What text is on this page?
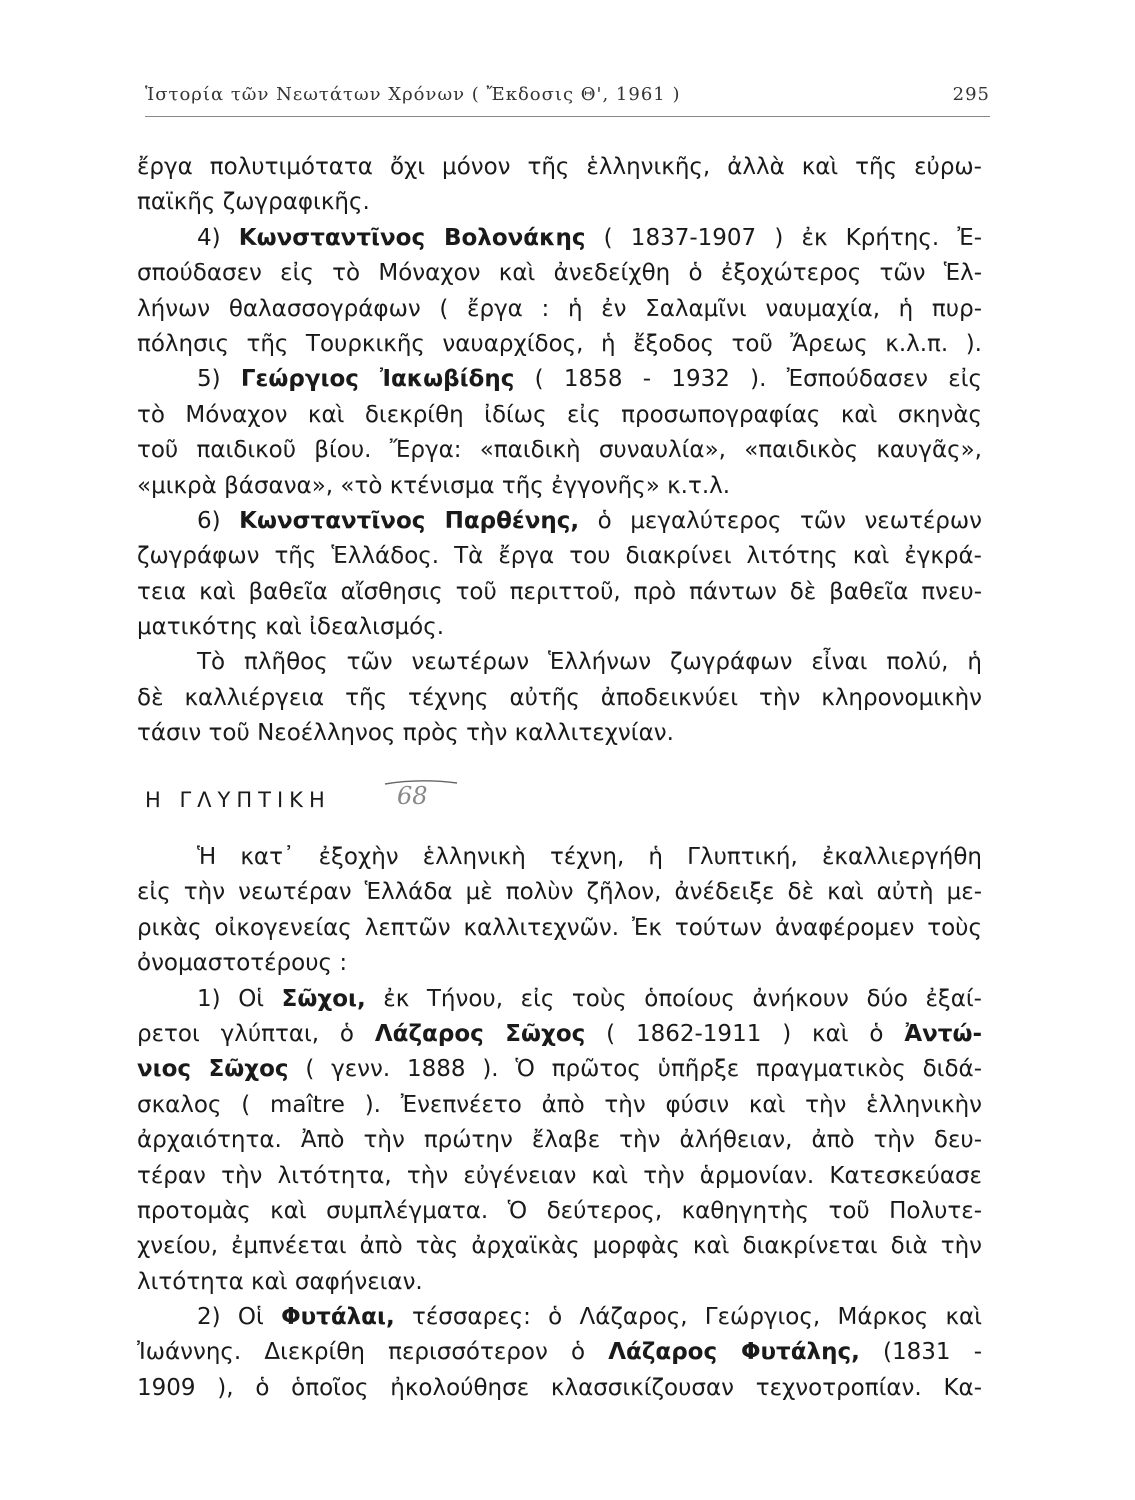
Ἱστορία τῶν Νεωτάτων Χρόνων ( Ἔκδοσις Θ', 1961 )	295
ἔργα πολυτιμότατα ὄχι μόνον τῆς ἑλληνικῆς, ἀλλὰ καὶ τῆς εὐρω-
παϊκῆς ζωγραφικῆς.
4) Κωνσταντῖνος Βολονάκης ( 1837-1907 ) ἐκ Κρήτης. Ἐ-
σπούδασεν εἰς τὸ Μόναχον καὶ ἀνεδείχθη ὁ ἐξοχώτερος τῶν Ἑλ-
λήνων θαλασσογράφων ( ἔργα : ἡ ἐν Σαλαμῖνι ναυμαχία, ἡ πυρ-
πόλησις τῆς Τουρκικῆς ναυαρχίδος, ἡ ἔξοδος τοῦ Ἄρεως κ.λ.π. ).
5) Γεώργιος Ἰακωβίδης ( 1858 - 1932 ). Ἐσπούδασεν εἰς
τὸ Μόναχον καὶ διεκρίθη ἰδίως εἰς προσωπογραφίας καὶ σκηνὰς
τοῦ παιδικοῦ βίου. Ἔργα: «παιδικὴ συναυλία», «παιδικὸς καυγᾶς»,
«μικρὰ βάσανα», «τὸ κτένισμα τῆς ἐγγονῆς» κ.τ.λ.
6) Κωνσταντῖνος Παρθένης, ὁ μεγαλύτερος τῶν νεωτέρων
ζωγράφων τῆς Ἑλλάδος. Τὰ ἔργα του διακρίνει λιτότης καὶ ἐγκρά-
τεια καὶ βαθεῖα αἴσθησις τοῦ περιττοῦ, πρὸ πάντων δὲ βαθεῖα πνευ-
ματικότης καὶ ἰδεαλισμός.
Τὸ πλῆθος τῶν νεωτέρων Ἑλλήνων ζωγράφων εἶναι πολύ, ἡ
δὲ καλλιέργεια τῆς τέχνης αὐτῆς ἀποδεικνύει τὴν κληρονομικὴν
τάσιν τοῦ Νεοέλληνος πρὸς τὴν καλλιτεχνίαν.
Η ΓΛΥΠΤΙΚΗ	68
Ἡ κατ᾽ ἐξοχὴν ἑλληνικὴ τέχνη, ἡ Γλυπτική, ἐκαλλιεργήθη
εἰς τὴν νεωτέραν Ἑλλάδα μὲ πολὺν ζῆλον, ἀνέδειξε δὲ καὶ αὐτὴ με-
ρικὰς οἰκογενείας λεπτῶν καλλιτεχνῶν. Ἐκ τούτων ἀναφέρομεν τοὺς
ὀνομαστοτέρους :
1) Οἱ Σῶχοι, ἐκ Τήνου, εἰς τοὺς ὁποίους ἀνήκουν δύο ἐξαί-
ρετοι γλύπται, ὁ Λάζαρος Σῶχος ( 1862-1911 ) καὶ ὁ Ἀντώ-
νιος Σῶχος ( γενν. 1888 ). Ὁ πρῶτος ὑπῆρξε πραγματικὸς διδά-
σκαλος ( maître ). Ἐνεπνέετο ἀπὸ τὴν φύσιν καὶ τὴν ἑλληνικὴν
ἀρχαιότητα. Ἀπὸ τὴν πρώτην ἔλαβε τὴν ἀλήθειαν, ἀπὸ τὴν δευ-
τέραν τὴν λιτότητα, τὴν εὐγένειαν καὶ τὴν ἁρμονίαν. Κατεσκεύασε
προτομὰς καὶ συμπλέγματα. Ὁ δεύτερος, καθηγητὴς τοῦ Πολυτε-
χνείου, ἐμπνέεται ἀπὸ τὰς ἀρχαϊκὰς μορφὰς καὶ διακρίνεται διὰ τὴν
λιτότητα καὶ σαφήνειαν.
2) Οἱ Φυτάλαι, τέσσαρες: ὁ Λάζαρος, Γεώργιος, Μάρκος καὶ
Ἰωάννης. Διεκρίθη περισσότερον ὁ Λάζαρος Φυτάλης, (1831 -
1909 ), ὁ ὁποῖος ἠκολούθησε κλασσικίζουσαν τεχνοτροπίαν. Κα-
